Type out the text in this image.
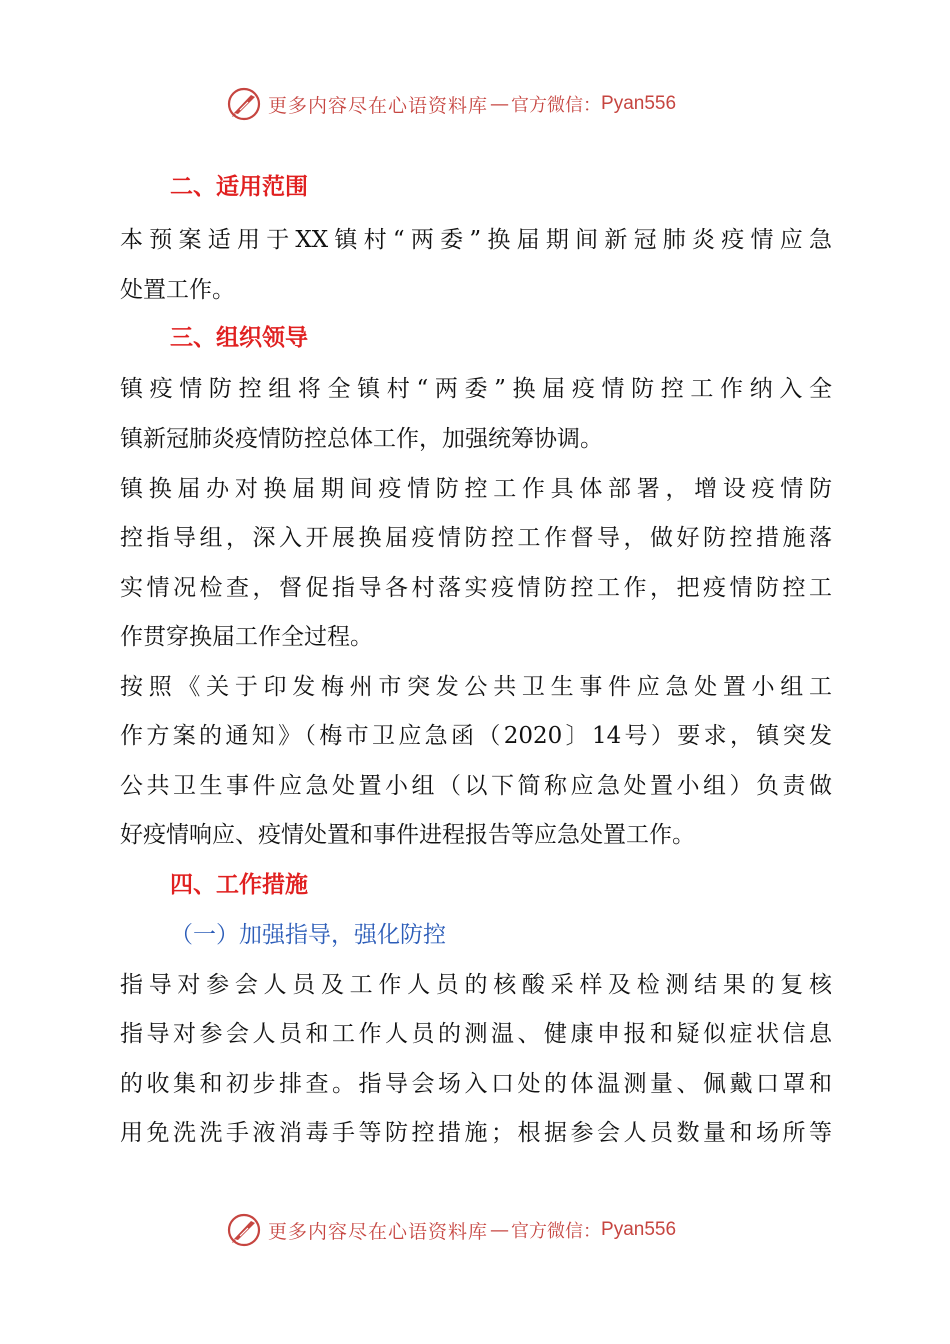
更多内容尽在心语资料库 — 官方微信： Pyan556
二、适用范围
本预案适用于XX镇村“两委”换届期间新冠肺炎疫情应急
处置工作。
三、组织领导
镇疫情防控组将全镇村“两委”换届疫情防控工作纳入全
镇新冠肺炎疫情防控总体工作，加强统筹协调。
镇换届办对换届期间疫情防控工作具体部署，增设疫情防
控指导组，深入开展换届疫情防控工作督导，做好防控措施落
实情况检查，督促指导各村落实疫情防控工作，把疫情防控工
作贯穿换届工作全过程。
按照《关于印发梅州市突发公共卫生事件应急处置小组工
作方案的通知》（梅市卫应急函（2020〕14号）要求，镇突发
公共卫生事件应急处置小组（以下简称应急处置小组）负责做
好疫情响应、疫情处置和事件进程报告等应急处置工作。
四、工作措施
（一）加强指导，强化防控
指导对参会人员及工作人员的核酸采样及检测结果的复核
指导对参会人员和工作人员的测温、健康申报和疑似症状信息
的收集和初步排查。指导会场入口处的体温测量、佩戴口罩和
用免洗洗手液消毒手等防控措施；根据参会人员数量和场所等
更多内容尽在心语资料库 — 官方微信： Pyan556
